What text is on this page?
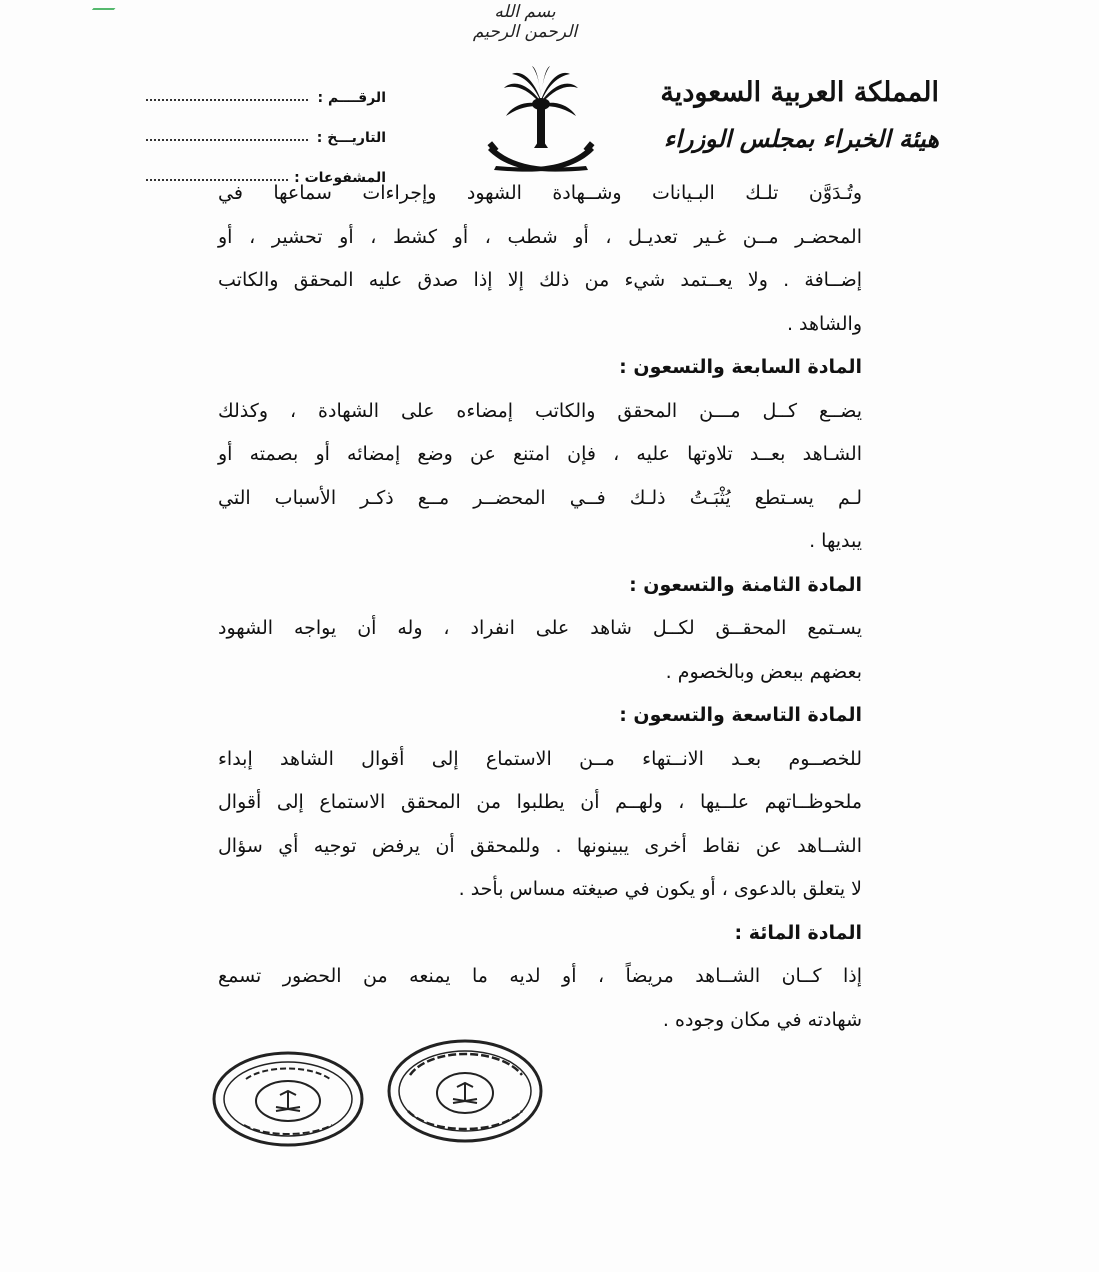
بسم الله الرحمن الرحيم
المملكة العربية السعودية
هيئة الخبراء بمجلس الوزراء
الرقــــم :
التاريـــخ :
المشفوعات :

وتُـدَوَّن تلـك البـيانات وشــهادة الشهود وإجراءات سماعها في

المحضـر مــن غـير تعديـل ، أو شطب ، أو كشط ، أو تحشير ، أو

إضــافة . ولا يعــتمد شيء من ذلك إلا إذا صدق عليه المحقق والكاتب

والشاهد .

المادة السابعة والتسعون :

يضــع كــل مـــن المحقق والكاتب إمضاءه على الشهادة ، وكذلك

الشـاهد بعــد تلاوتها عليه ، فإن امتنع عن وضع إمضائه أو بصمته أو

لـم يسـتطع يُثْبَـتُ ذلـك فــي المحضــر مــع ذكـر الأسباب التي

يبديها .

المادة الثامنة والتسعون :

يسـتمع المحقــق لكــل شاهد على انفراد ، وله أن يواجه الشهود

بعضهم ببعض وبالخصوم .

المادة التاسعة والتسعون :

للخصــوم بعـد الانــتهاء مــن الاستماع إلى أقوال الشاهد إبداء

ملحوظــاتهم علــيها ، ولهــم أن يطلبوا من المحقق الاستماع إلى أقوال

الشــاهد عن نقاط أخرى يبينونها . وللمحقق أن يرفض توجيه أي سؤال

لا يتعلق بالدعوى ، أو يكون في صيغته مساس بأحد .

المادة المائة :

إذا كــان الشــاهد مريضاً ، أو لديه ما يمنعه من الحضور تسمع

شهادته في مكان وجوده .
